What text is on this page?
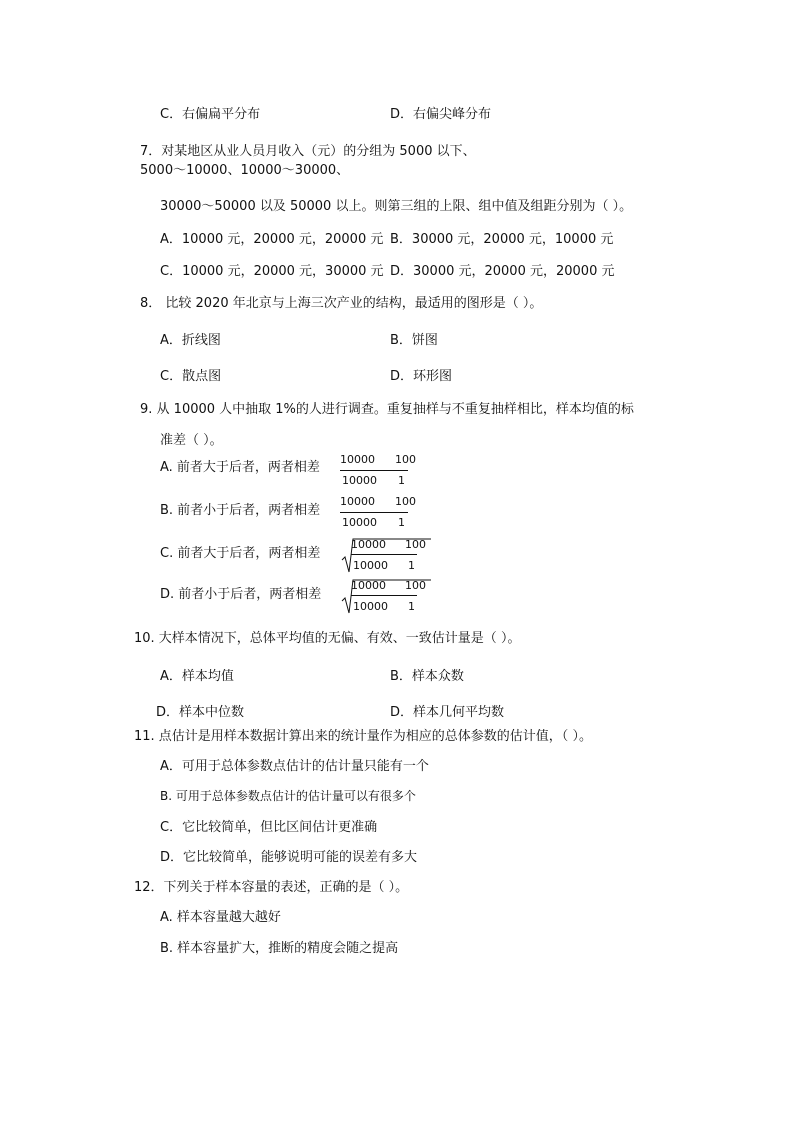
C．右偏扁平分布	D．右偏尖峰分布
7．对某地区从业人员月收入（元）的分组为 5000 以下、
5000～10000、10000～30000、
30000～50000 以及 50000 以上。则第三组的上限、组中值及组距分别为（ ）。
A．10000 元，20000 元，20000 元 B．30000 元，20000 元，10000 元
C．10000 元，20000 元，30000 元 D．30000 元，20000 元，20000 元
8． 比较 2020 年北京与上海三次产业的结构，最适用的图形是（ ）。
A．折线图	B．饼图
C．散点图	D．环形图
9. 从 10000 人中抽取 1%的人进行调查。重复抽样与不重复抽样相比，样本均值的标
准差（ ）。
A. 前者大于后者，两者相差
10000 100
10000 1
B. 前者小于后者，两者相差
10000 100
10000 1
C. 前者大于后者，两者相差
10000 100
10000 1
D. 前者小于后者，两者相差
10000 100
10000 1
10. 大样本情况下，总体平均值的无偏、有效、一致估计量是（ ）。
A．样本均值	B．样本众数
D．样本中位数	D．样本几何平均数
11. 点估计是用样本数据计算出来的统计量作为相应的总体参数的估计值，（ ）。
A．可用于总体参数点估计的估计量只能有一个
B. 可用于总体参数点估计的估计量可以有很多个
C．它比较简单，但比区间估计更准确
D．它比较简单，能够说明可能的误差有多大
12．下列关于样本容量的表述，正确的是（ ）。
A. 样本容量越大越好
B. 样本容量扩大，推断的精度会随之提高
